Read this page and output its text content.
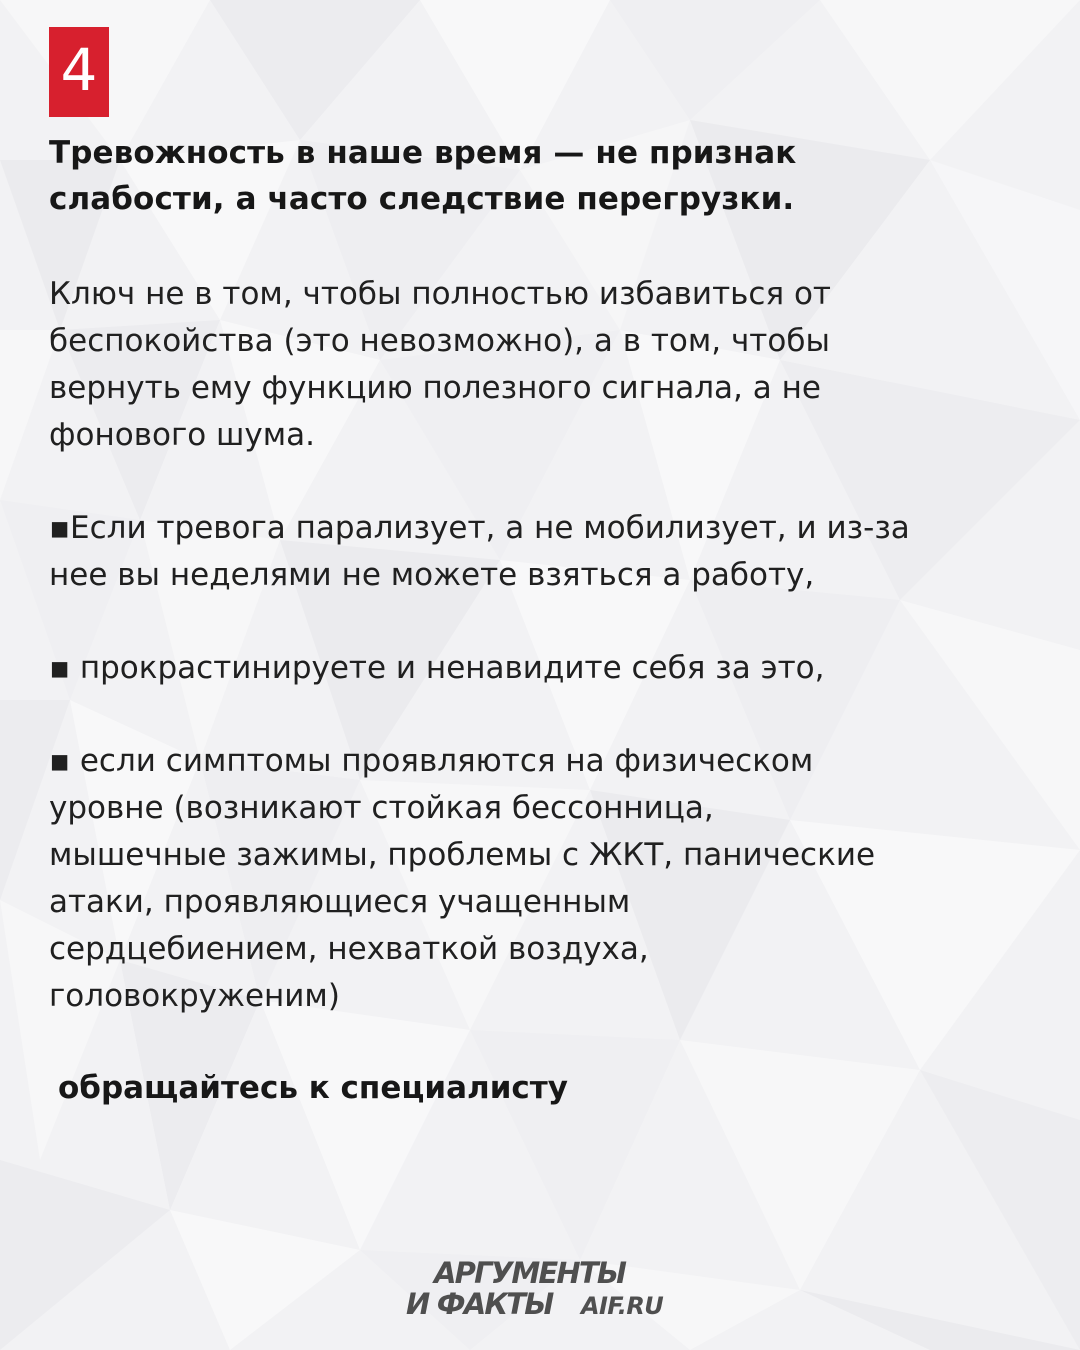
4
Тревожность в наше время — не признак
слабости, а часто следствие перегрузки.

Ключ не в том, чтобы полностью избавиться от
беспокойства (это невозможно), а в том, чтобы
вернуть ему функцию полезного сигнала, а не
фонового шума.

▪Если тревога парализует, а не мобилизует, и из-за
нее вы неделями не можете взяться а работу,

▪ прокрастинируете и ненавидите себя за это,

▪ если симптомы проявляются на физическом
уровне (возникают стойкая бессонница,
мышечные зажимы, проблемы с ЖКТ, панические
атаки, проявляющиеся учащенным
сердцебиением, нехваткой воздуха,
головокруженим)

обращайтесь к специалисту

АРГУМЕНТЫ
И ФАКТЫ AIF.RU
